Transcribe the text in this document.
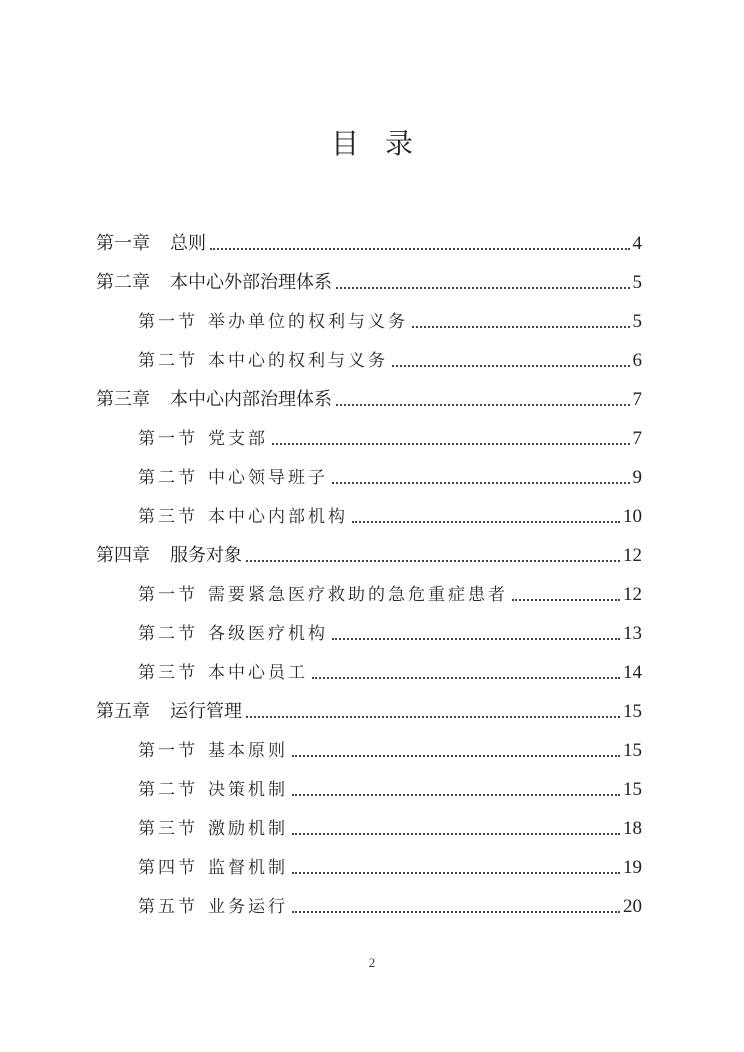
目录
第一章 总则	4
第二章 本中心外部治理体系	5
第一节 举办单位的权利与义务	5
第二节 本中心的权利与义务	6
第三章 本中心内部治理体系	7
第一节 党支部	7
第二节 中心领导班子	9
第三节 本中心内部机构	10
第四章 服务对象	12
第一节 需要紧急医疗救助的急危重症患者	12
第二节 各级医疗机构	13
第三节 本中心员工	14
第五章 运行管理	15
第一节 基本原则	15
第二节 决策机制	15
第三节 激励机制	18
第四节 监督机制	19
第五节 业务运行	20
2
